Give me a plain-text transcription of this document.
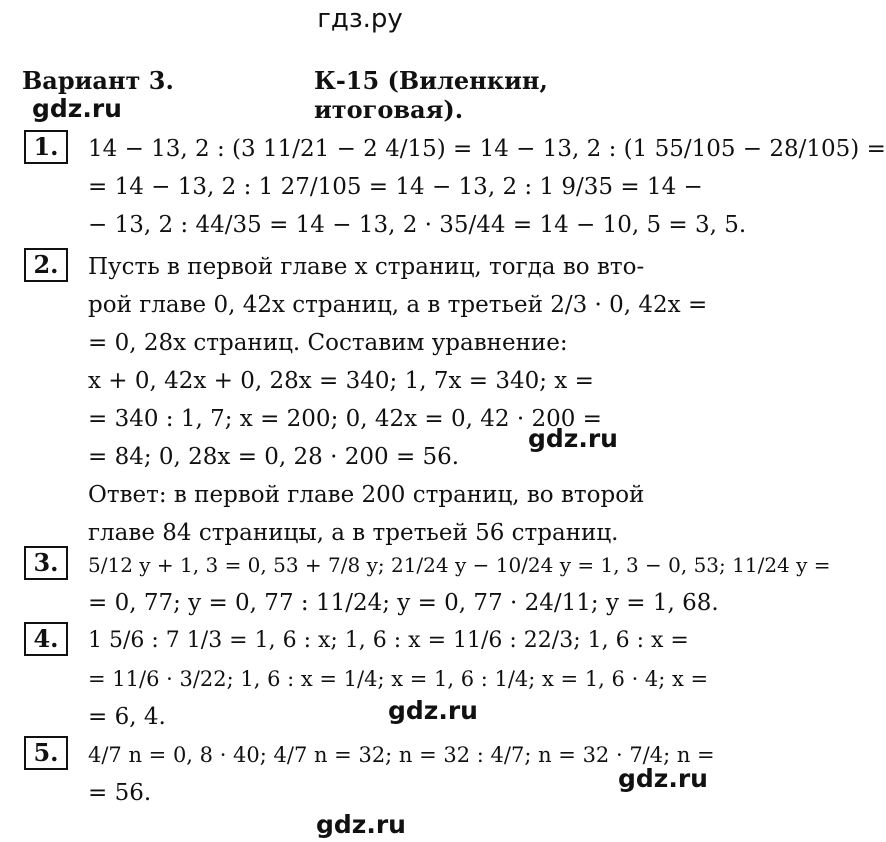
гдз.ру
Вариант 3.	К-15 (Виленкин, итоговая).
gdz.ru
gdz.ru
gdz.ru
gdz.ru
gdz.ru
1.	14 − 13, 2 : (3 11/21 − 2 4/15) = 14 − 13, 2 : (1 55/105 − 28/105) =
= 14 − 13, 2 : 1 27/105 = 14 − 13, 2 : 1 9/35 = 14 −
− 13, 2 : 44/35 = 14 − 13, 2 · 35/44 = 14 − 10, 5 = 3, 5.
2.	Пусть в первой главе x страниц, тогда во вто-
рой главе 0, 42x страниц, а в третьей 2/3 · 0, 42x =
= 0, 28x страниц. Составим уравнение:
x + 0, 42x + 0, 28x = 340; 1, 7x = 340; x =
= 340 : 1, 7; x = 200; 0, 42x = 0, 42 · 200 =
= 84; 0, 28x = 0, 28 · 200 = 56.
Ответ: в первой главе 200 страниц, во второй
главе 84 страницы, а в третьей 56 страниц.
3.	5/12 y + 1, 3 = 0, 53 + 7/8 y; 21/24 y − 10/24 y = 1, 3 − 0, 53; 11/24 y =
= 0, 77; y = 0, 77 : 11/24; y = 0, 77 · 24/11; y = 1, 68.
4.	1 5/6 : 7 1/3 = 1, 6 : x; 1, 6 : x = 11/6 : 22/3; 1, 6 : x =
= 11/6 · 3/22; 1, 6 : x = 1/4; x = 1, 6 : 1/4; x = 1, 6 · 4; x =
= 6, 4.
5.	4/7 n = 0, 8 · 40; 4/7 n = 32; n = 32 : 4/7; n = 32 · 7/4; n =
= 56.
